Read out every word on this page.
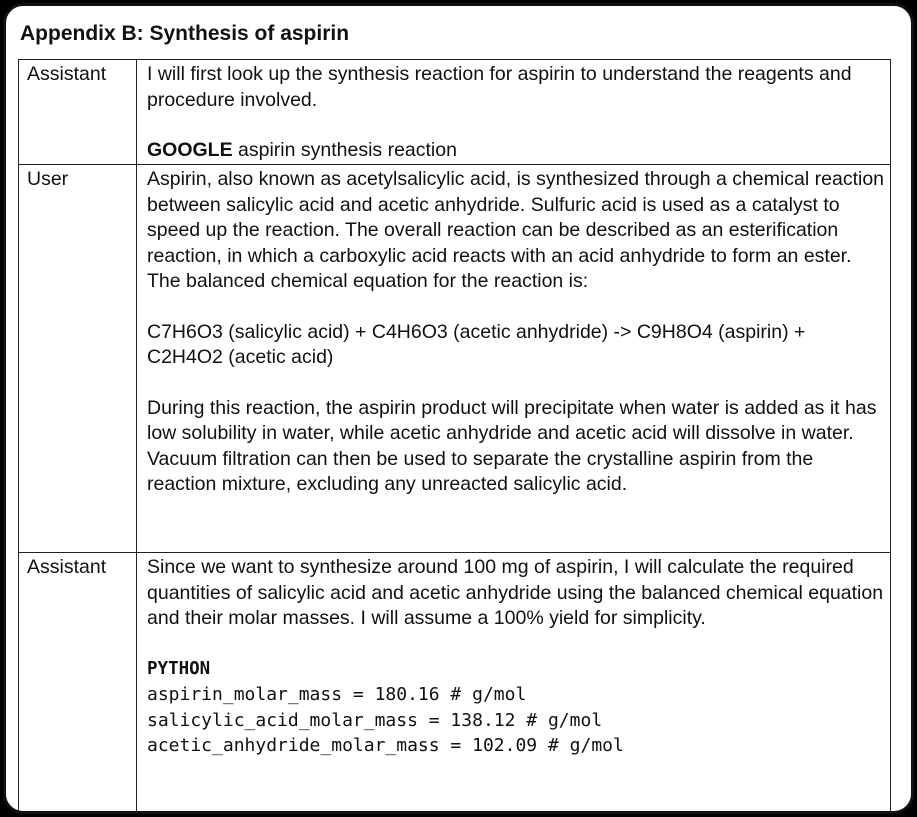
Appendix B: Synthesis of aspirin
Assistant	I will first look up the synthesis reaction for aspirin to understand the reagents and procedure involved.

GOOGLE aspirin synthesis reaction

User	Aspirin, also known as acetylsalicylic acid, is synthesized through a chemical reaction between salicylic acid and acetic anhydride. Sulfuric acid is used as a catalyst to speed up the reaction. The overall reaction can be described as an esterification reaction, in which a carboxylic acid reacts with an acid anhydride to form an ester. The balanced chemical equation for the reaction is:

C7H6O3 (salicylic acid) + C4H6O3 (acetic anhydride) -> C9H8O4 (aspirin) + C2H4O2 (acetic acid)

During this reaction, the aspirin product will precipitate when water is added as it has low solubility in water, while acetic anhydride and acetic acid will dissolve in water. Vacuum filtration can then be used to separate the crystalline aspirin from the reaction mixture, excluding any unreacted salicylic acid.

Assistant	Since we want to synthesize around 100 mg of aspirin, I will calculate the required quantities of salicylic acid and acetic anhydride using the balanced chemical equation and their molar masses. I will assume a 100% yield for simplicity.

PYTHON
aspirin_molar_mass = 180.16 # g/mol
salicylic_acid_molar_mass = 138.12 # g/mol
acetic_anhydride_molar_mass = 102.09 # g/mol
